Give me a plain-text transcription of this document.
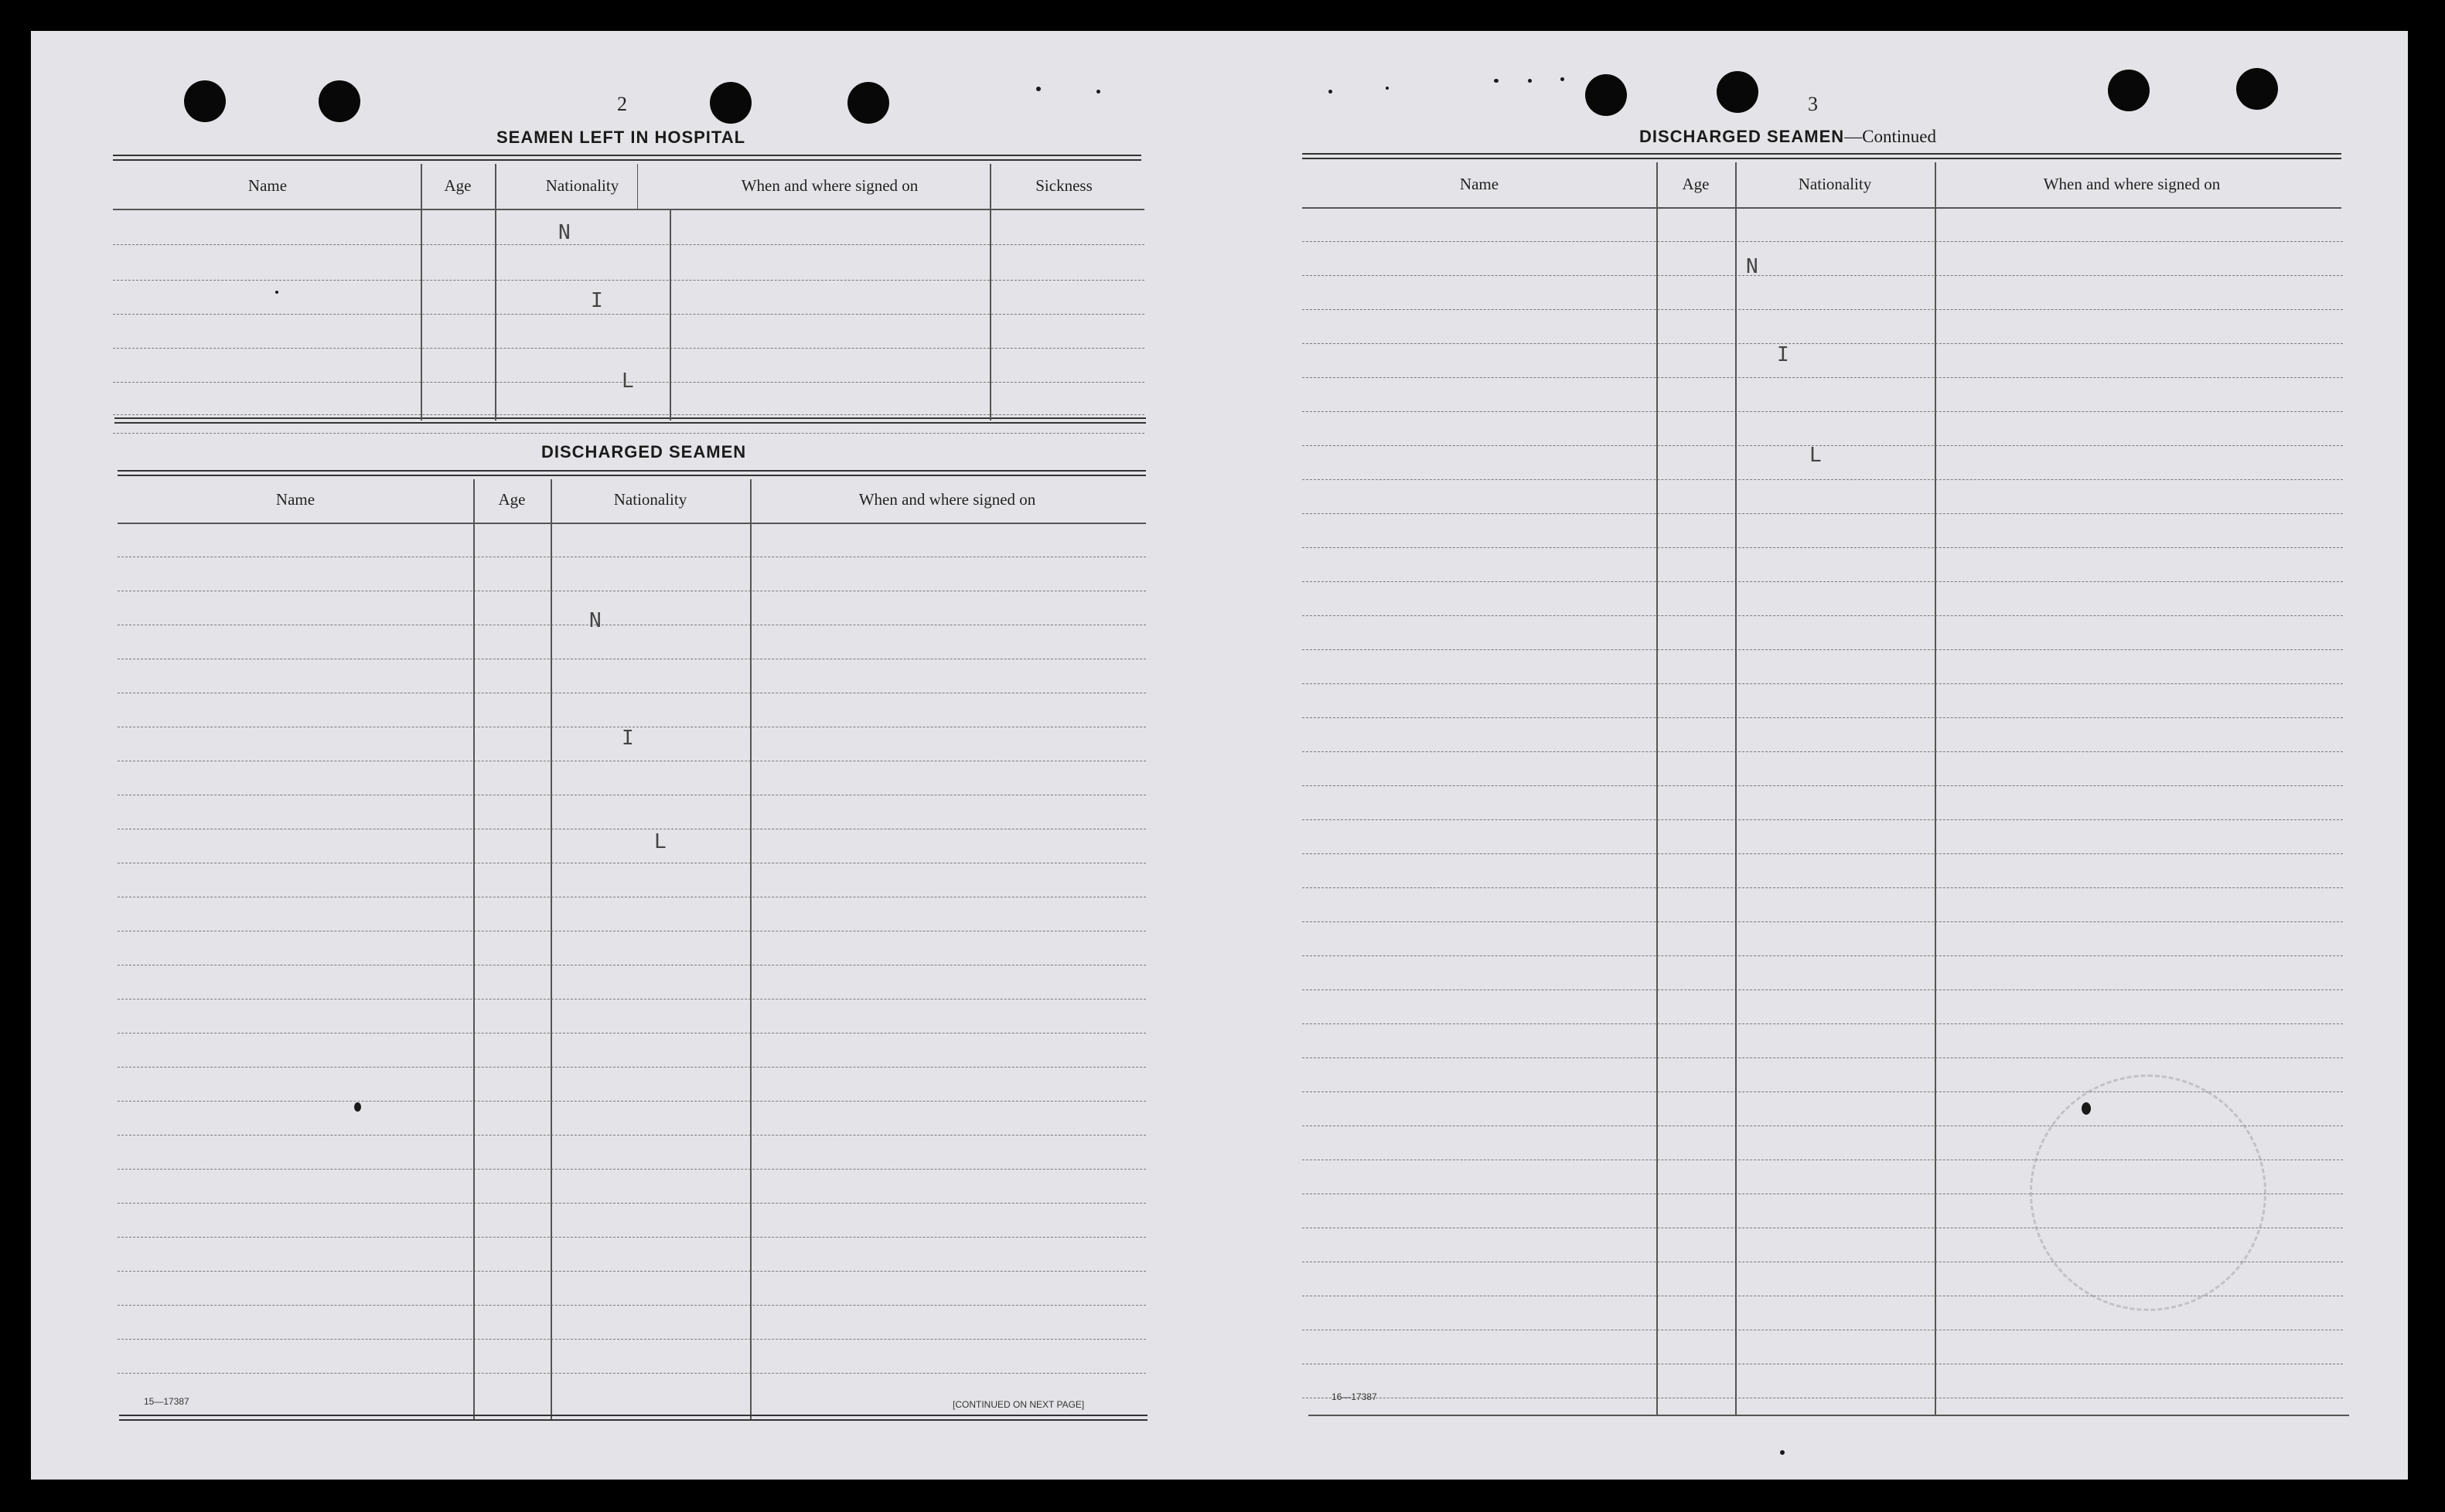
2
SEAMEN LEFT IN HOSPITAL
Name	Age	Nationality	When and where signed on	Sickness
N
I
L
DISCHARGED SEAMEN
Name	Age	Nationality	When and where signed on
N
I
L
15—17387	[CONTINUED ON NEXT PAGE]
3
DISCHARGED SEAMEN—Continued
Name	Age	Nationality	When and where signed on
N
I
L
16—17387
